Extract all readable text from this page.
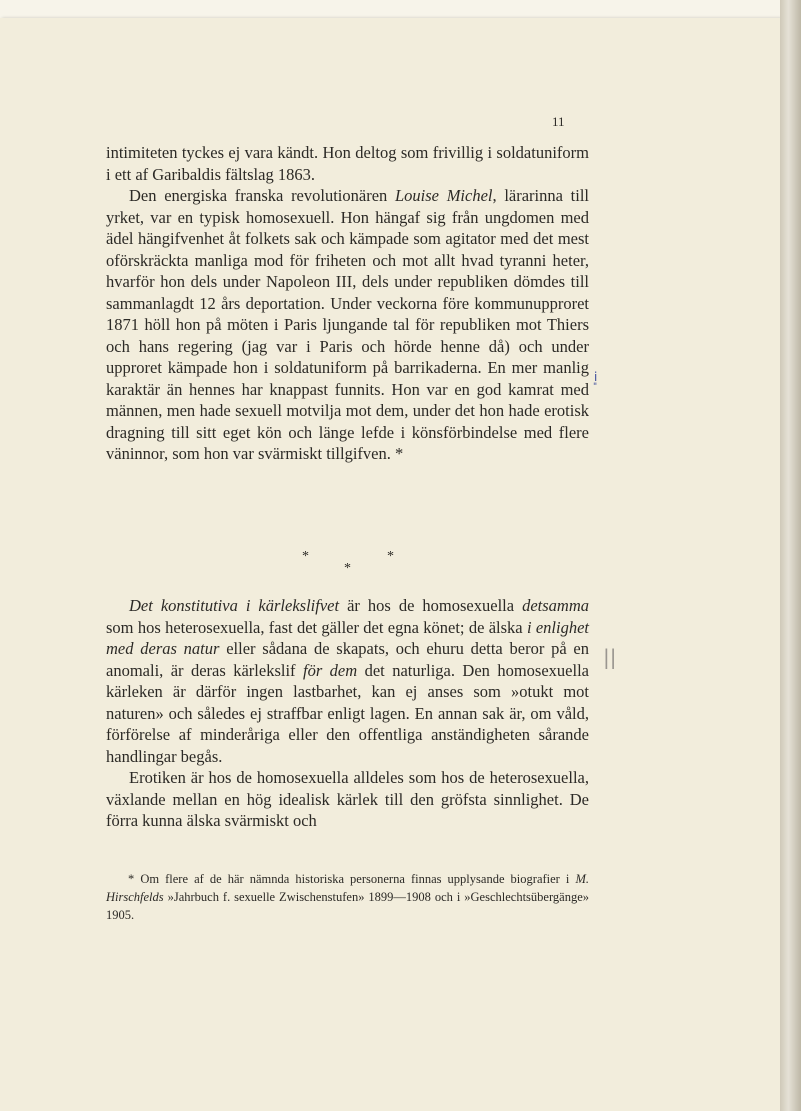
11

intimiteten tyckes ej vara kändt. Hon deltog som frivillig i soldatuniform i ett af Garibaldis fältslag 1863.

Den energiska franska revolutionären Louise Michel, lärarinna till yrket, var en typisk homosexuell. Hon hängaf sig från ungdomen med ädel hängifvenhet åt folkets sak och kämpade som agitator med det mest oförskräckta manliga mod för friheten och mot allt hvad tyranni heter, hvarför hon dels under Napoleon III, dels under republiken dömdes till sammanlagdt 12 års deportation. Under veckorna före kommunupproret 1871 höll hon på möten i Paris ljungande tal för republiken mot Thiers och hans regering (jag var i Paris och hörde henne då) och under upproret kämpade hon i soldatuniform på barrikaderna. En mer manlig karaktär än hennes har knappast funnits. Hon var en god kamrat med männen, men hade sexuell motvilja mot dem, under det hon hade erotisk dragning till sitt eget kön och länge lefde i könsförbindelse med flere väninnor, som hon var svärmiskt tillgifven. *

*
*
*

Det konstitutiva i kärlekslifvet är hos de homosexuella detsamma som hos heterosexuella, fast det gäller det egna könet; de älska i enlighet med deras natur eller sådana de skapats, och ehuru detta beror på en anomali, är deras kärlekslif för dem det naturliga. Den homosexuella kärleken är därför ingen lastbarhet, kan ej anses som »otukt mot naturen» och således ej straffbar enligt lagen. En annan sak är, om våld, förförelse af minderåriga eller den offentliga anständigheten sårande handlingar begås.

Erotiken är hos de homosexuella alldeles som hos de heterosexuella, växlande mellan en hög idealisk kärlek till den gröfsta sinnlighet. De förra kunna älska svärmiskt och

* Om flere af de här nämnda historiska personerna finnas upplysande biografier i M. Hirschfelds »Jahrbuch f. sexuelle Zwischenstufen» 1899—1908 och i »Geschlechtsübergänge» 1905.

i
"
||
